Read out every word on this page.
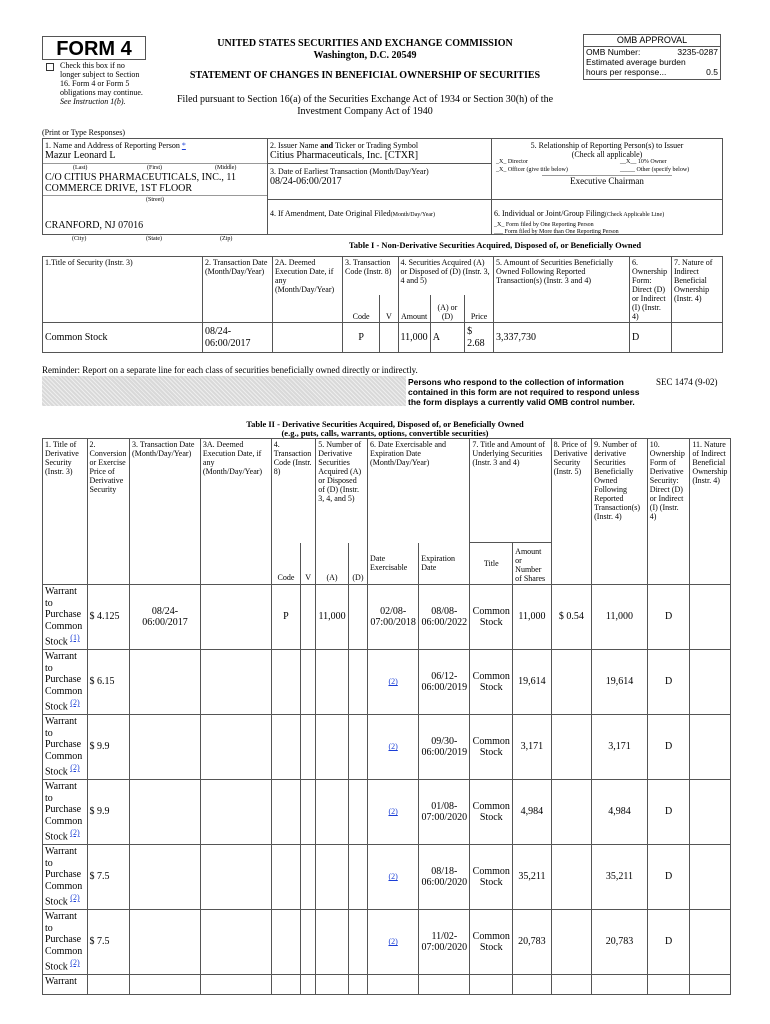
FORM 4
Check this box if no longer subject to Section 16. Form 4 or Form 5 obligations may continue. See Instruction 1(b).
UNITED STATES SECURITIES AND EXCHANGE COMMISSION
Washington, D.C. 20549
STATEMENT OF CHANGES IN BENEFICIAL OWNERSHIP OF SECURITIES
Filed pursuant to Section 16(a) of the Securities Exchange Act of 1934 or Section 30(h) of the Investment Company Act of 1940
OMB APPROVAL
OMB Number:	3235-0287
Estimated average burden
hours per response...	0.5
(Print or Type Responses)
1. Name and Address of Reporting Person *
Mazur Leonard L
(Last)	(First)	(Middle)
C/O CITIUS PHARMACEUTICALS, INC., 11
COMMERCE DRIVE, 1ST FLOOR
(Street)
CRANFORD, NJ 07016
(City)	(State)	(Zip)
2. Issuer Name and Ticker or Trading Symbol
Citius Pharmaceuticals, Inc. [CTXR]
3. Date of Earliest Transaction (Month/Day/Year)
08/24-06:00/2017
4. If Amendment, Date Original Filed(Month/Day/Year)
5. Relationship of Reporting Person(s) to Issuer
(Check all applicable)
_X_ Director	__X__ 10% Owner
_X_ Officer (give title below)	_____ Other (specify below)
Executive Chairman
6. Individual or Joint/Group Filing(Check Applicable Line)
_X_ Form filed by One Reporting Person
___ Form filed by More than One Reporting Person
Table I - Non-Derivative Securities Acquired, Disposed of, or Beneficially Owned
1.Title of Security (Instr. 3)	2. Transaction Date (Month/Day/Year)	2A. Deemed Execution Date, if any (Month/Day/Year)	3. Transaction Code (Instr. 8)		4. Securities Acquired (A) or Disposed of (D) (Instr. 3, 4 and 5)			5. Amount of Securities Beneficially Owned Following Reported Transaction(s) (Instr. 3 and 4)	6. Ownership Form: Direct (D) or Indirect (I) (Instr. 4)	7. Nature of Indirect Beneficial Ownership (Instr. 4)
			Code	V	Amount	(A) or (D)	Price			
Common Stock	08/24-06:00/2017		P		11,000	A	$ 2.68	3,337,730	D	
Reminder: Report on a separate line for each class of securities beneficially owned directly or indirectly.
Persons who respond to the collection of information contained in this form are not required to respond unless the form displays a currently valid OMB control number.
SEC 1474 (9-02)
Table II - Derivative Securities Acquired, Disposed of, or Beneficially Owned
(e.g., puts, calls, warrants, options, convertible securities)
1. Title of Derivative Security (Instr. 3)	2. Conversion or Exercise Price of Derivative Security	3. Transaction Date (Month/Day/Year)	3A. Deemed Execution Date, if any (Month/Day/Year)	4. Transaction Code (Instr. 8)		5. Number of Derivative Securities Acquired (A) or Disposed of (D) (Instr. 3, 4, and 5)		6. Date Exercisable and Expiration Date (Month/Day/Year)		7. Title and Amount of Underlying Securities (Instr. 3 and 4)		8. Price of Derivative Security (Instr. 5)	9. Number of derivative Securities Beneficially Owned Following Reported Transaction(s) (Instr. 4)	10. Ownership Form of Derivative Security: Direct (D) or Indirect (I) (Instr. 4)	11. Nature of Indirect Beneficial Ownership (Instr. 4)
				Code	V	(A)	(D)	Date Exercisable	Expiration Date	Title	Amount or Number of Shares				
Warrant to Purchase Common Stock $^{(1)}$	$ 4.125	08/24-06:00/2017		P		11,000		02/08-07:00/2018	08/08-06:00/2022	Common Stock	11,000	$ 0.54	11,000	D	
Warrant to Purchase Common Stock $^{(2)}$	$ 6.15							(2)	06/12-06:00/2019	Common Stock	19,614		19,614	D	
Warrant to Purchase Common Stock $^{(2)}$	$ 9.9							(2)	09/30-06:00/2019	Common Stock	3,171		3,171	D	
Warrant to Purchase Common Stock $^{(2)}$	$ 9.9							(2)	01/08-07:00/2020	Common Stock	4,984		4,984	D	
Warrant to Purchase Common Stock $^{(2)}$	$ 7.5							(2)	08/18-06:00/2020	Common Stock	35,211		35,211	D	
Warrant to Purchase Common Stock $^{(2)}$	$ 7.5							(2)	11/02-07:00/2020	Common Stock	20,783		20,783	D	
Warrant															
